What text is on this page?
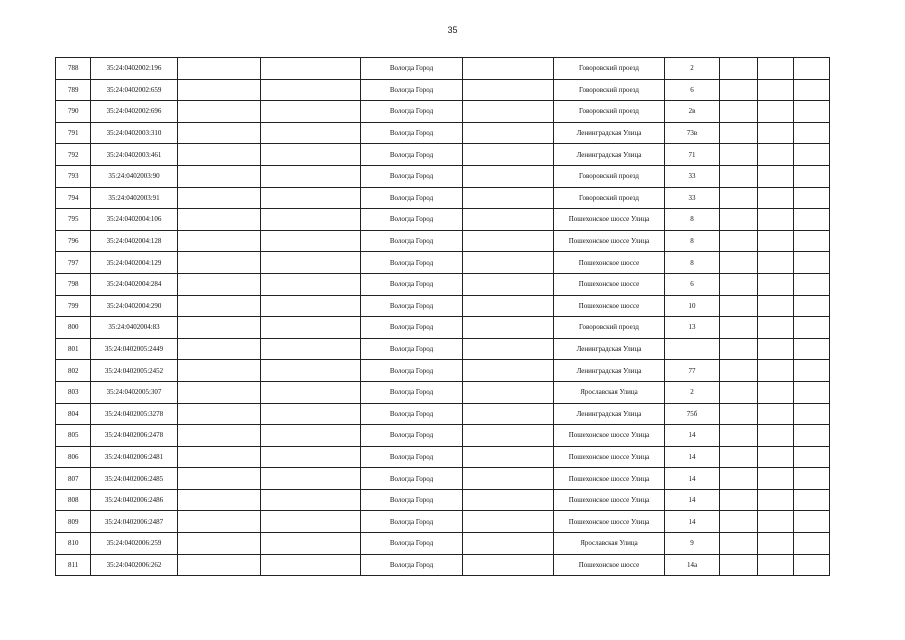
35
788	35:24:0402002:196			Вологда Город		Говоровский проезд	2			
789	35:24:0402002:659			Вологда Город		Говоровский проезд	6			
790	35:24:0402002:696			Вологда Город		Говоровский проезд	2в			
791	35:24:0402003:310			Вологда Город		Ленинградская Улица	73в			
792	35:24:0402003:461			Вологда Город		Ленинградская Улица	71			
793	35:24:0402003:90			Вологда Город		Говоровский проезд	33			
794	35:24:0402003:91			Вологда Город		Говоровский проезд	33			
795	35:24:0402004:106			Вологда Город		Пошехонское шоссе Улица	8			
796	35:24:0402004:128			Вологда Город		Пошехонское шоссе Улица	8			
797	35:24:0402004:129			Вологда Город		Пошехонское шоссе	8			
798	35:24:0402004:284			Вологда Город		Пошехонское шоссе	6			
799	35:24:0402004:290			Вологда Город		Пошехонское шоссе	10			
800	35:24:0402004:83			Вологда Город		Говоровский проезд	13			
801	35:24:0402005:2449			Вологда Город		Ленинградская Улица				
802	35:24:0402005:2452			Вологда Город		Ленинградская Улица	77			
803	35:24:0402005:307			Вологда Город		Ярославская Улица	2			
804	35:24:0402005:3278			Вологда Город		Ленинградская Улица	75б			
805	35:24:0402006:2478			Вологда Город		Пошехонское шоссе Улица	14			
806	35:24:0402006:2481			Вологда Город		Пошехонское шоссе Улица	14			
807	35:24:0402006:2485			Вологда Город		Пошехонское шоссе Улица	14			
808	35:24:0402006:2486			Вологда Город		Пошехонское шоссе Улица	14			
809	35:24:0402006:2487			Вологда Город		Пошехонское шоссе Улица	14			
810	35:24:0402006:259			Вологда Город		Ярославская Улица	9			
811	35:24:0402006:262			Вологда Город		Пошехонское шоссе	14а			
